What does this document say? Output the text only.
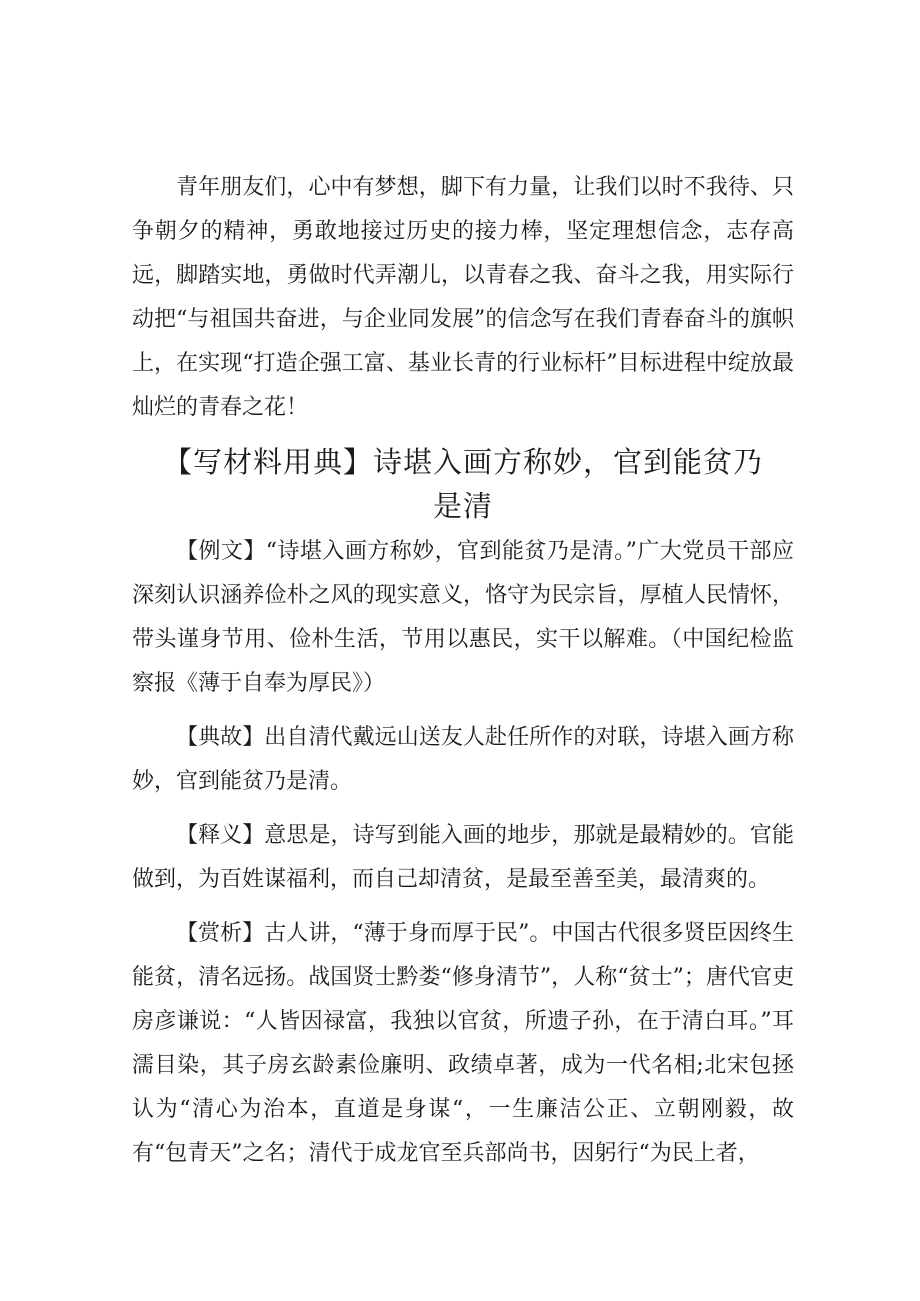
青年朋友们，心中有梦想，脚下有力量，让我们以时不我待、只争朝夕的精神，勇敢地接过历史的接力棒，坚定理想信念，志存高远，脚踏实地，勇做时代弄潮儿，以青春之我、奋斗之我，用实际行动把“与祖国共奋进，与企业同发展”的信念写在我们青春奋斗的旗帜上，在实现“打造企强工富、基业长青的行业标杆”目标进程中绽放最灿烂的青春之花！

【写材料用典】诗堪入画方称妙，官到能贫乃是清

【例文】“诗堪入画方称妙，官到能贫乃是清。”广大党员干部应深刻认识涵养俭朴之风的现实意义，恪守为民宗旨，厚植人民情怀，带头谨身节用、俭朴生活，节用以惠民，实干以解难。（中国纪检监察报《薄于自奉为厚民》）

【典故】出自清代戴远山送友人赴任所作的对联，诗堪入画方称妙，官到能贫乃是清。

【释义】意思是，诗写到能入画的地步，那就是最精妙的。官能做到，为百姓谋福利，而自己却清贫，是最至善至美，最清爽的。

【赏析】古人讲，“薄于身而厚于民”。中国古代很多贤臣因终生能贫，清名远扬。战国贤士黔娄“修身清节”，人称“贫士”；唐代官吏房彦谦说：“人皆因禄富，我独以官贫，所遗子孙，在于清白耳。”耳濡目染，其子房玄龄素俭廉明、政绩卓著，成为一代名相;北宋包拯认为“清心为治本，直道是身谋“，一生廉洁公正、立朝刚毅，故有“包青天”之名；清代于成龙官至兵部尚书，因躬行“为民上者，
